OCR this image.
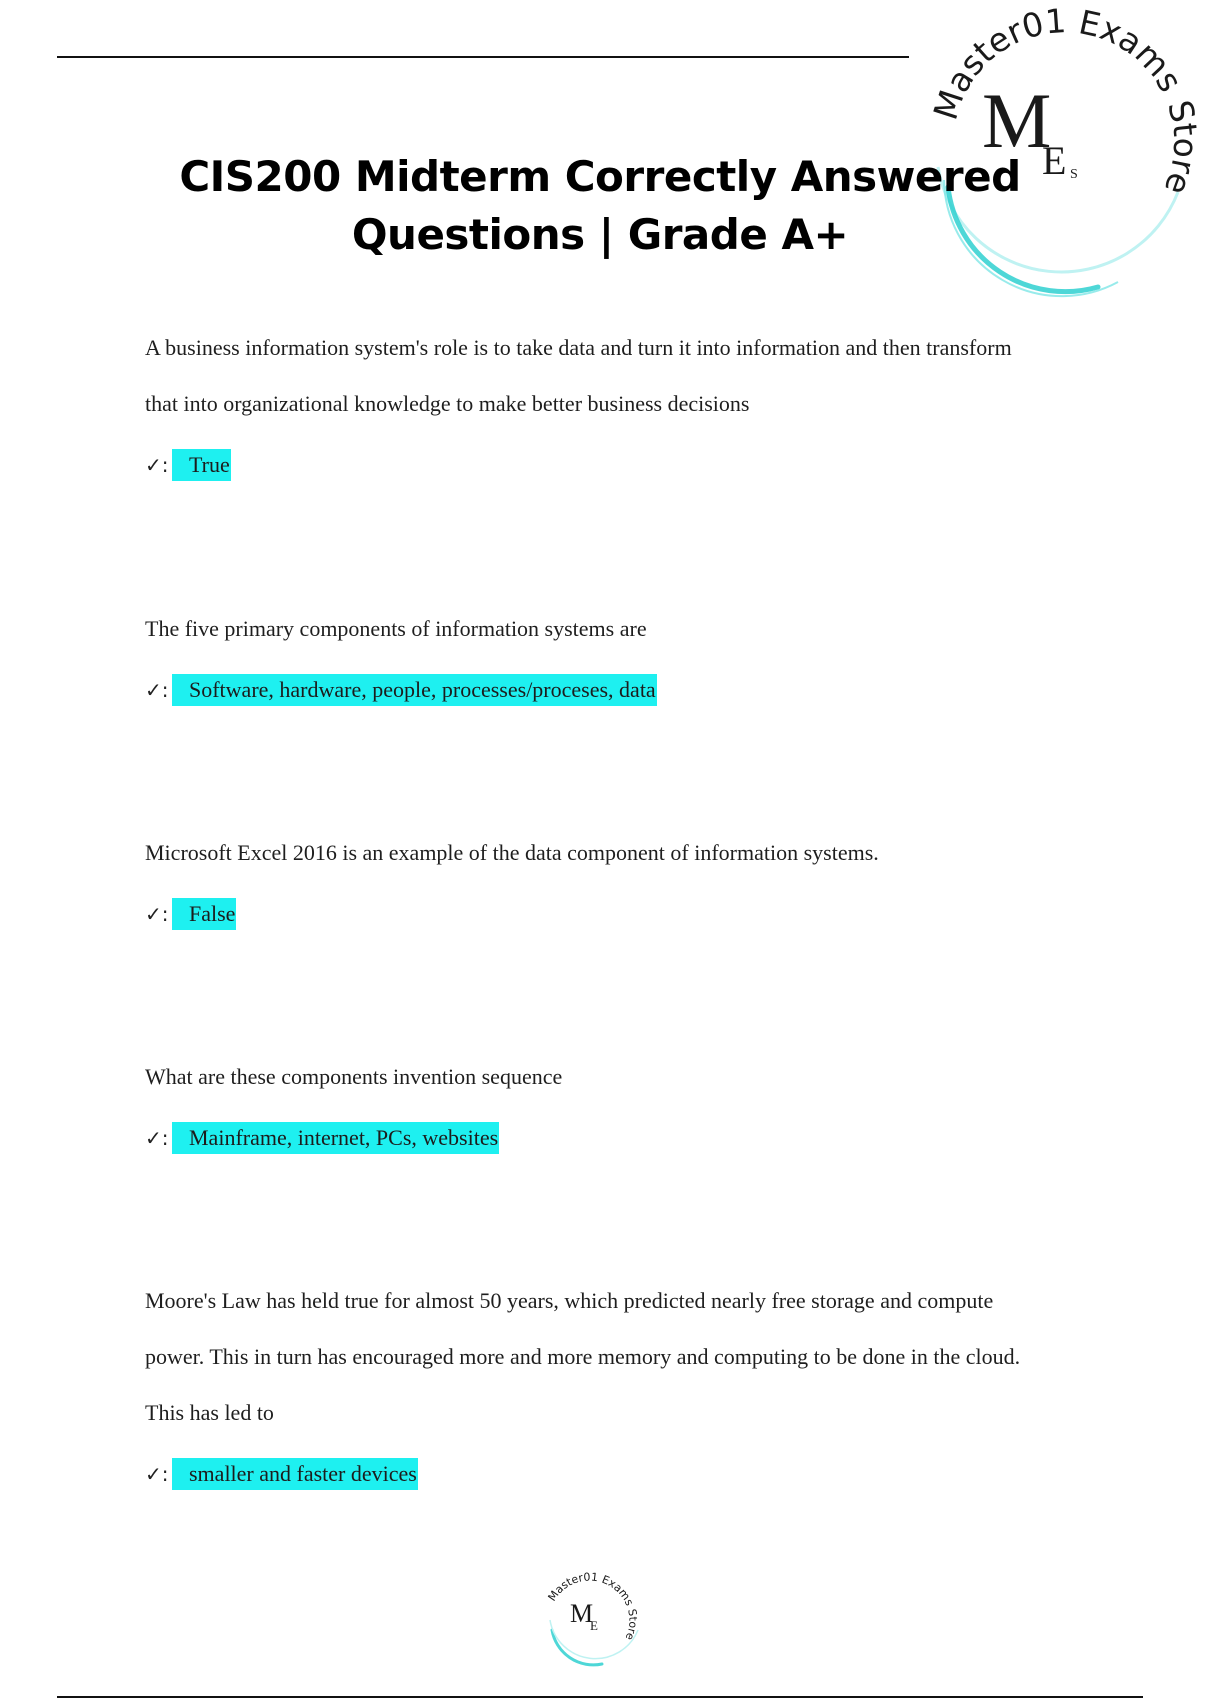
Master01 Exams Store
M
E S
CIS200 Midterm Correctly Answered
Questions | Grade A+

A business information system's role is to take data and turn it into information and then transform that into organizational knowledge to make better business decisions

✓: True

The five primary components of information systems are

✓: Software, hardware, people, processes/proceses, data

Microsoft Excel 2016 is an example of the data component of information systems.

✓: False

What are these components invention sequence

✓: Mainframe, internet, PCs, websites

Moore's Law has held true for almost 50 years, which predicted nearly free storage and compute power. This in turn has encouraged more and more memory and computing to be done in the cloud. This has led to

✓: smaller and faster devices
Master01 Exams Store
M
E
